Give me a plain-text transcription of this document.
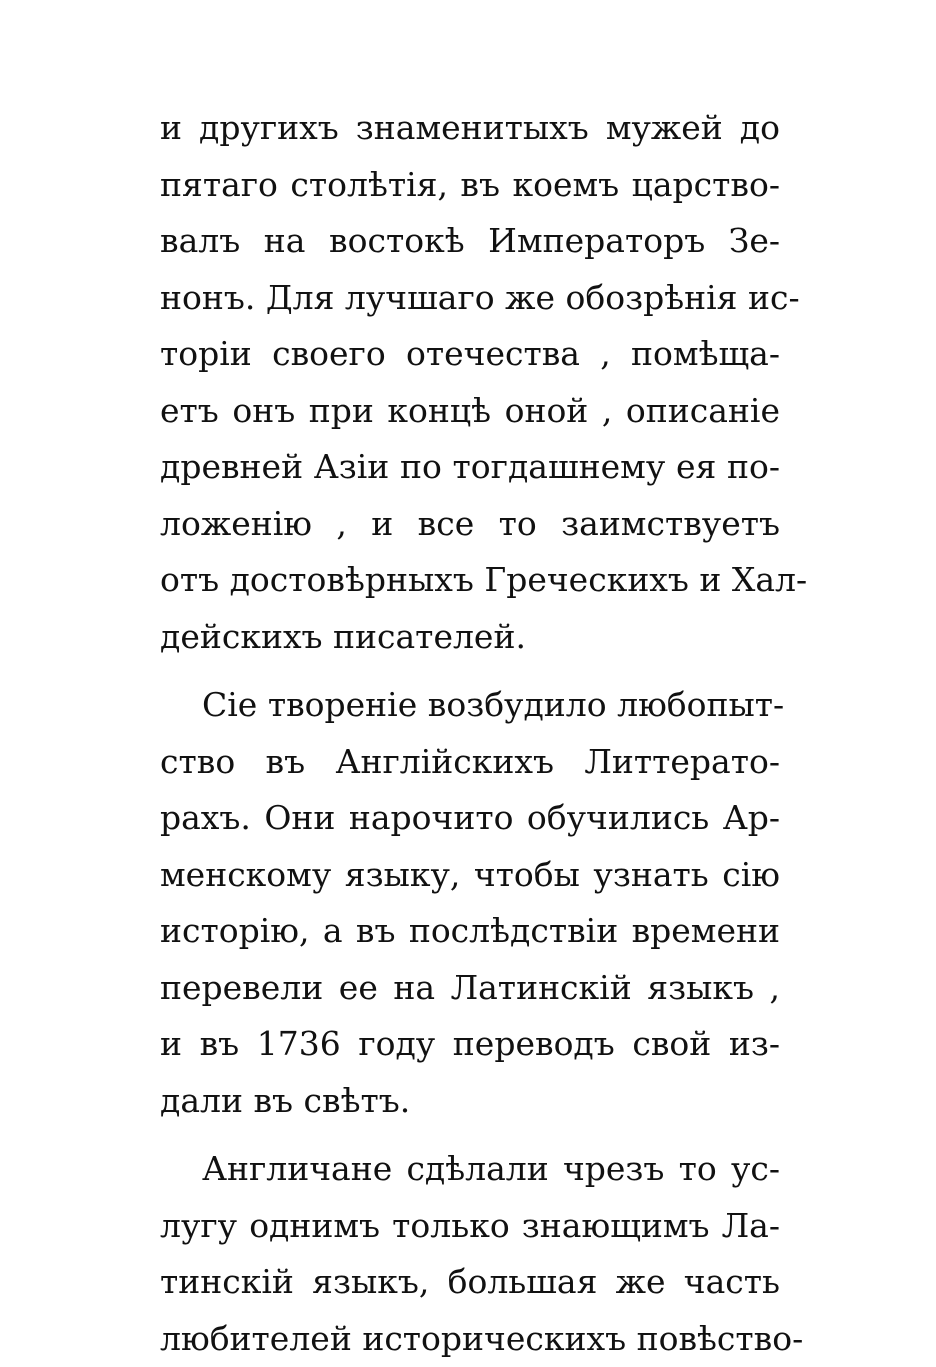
и другихъ знаменитыхъ мужей до
пятаго столѣтія, въ коемъ царство-
валъ на востокѣ Императоръ Зе-
нонъ. Для лучшаго же обозрѣнія ис-
торіи своего отечества , помѣща-
етъ онъ при концѣ оной , описаніе
древней Азіи по тогдашнему ея по-
ложенію , и все то заимствуетъ
отъ достовѣрныхъ Греческихъ и Хал-
дейскихъ писателей.
Сіе твореніе возбудило любопыт-
ство въ Англійскихъ Литтерато-
рахъ. Они нарочито обучились Ар-
менскому языку, чтобы узнать сію
исторію, а въ послѣдствіи времени
перевели ее на Латинскій языкъ ,
и въ 1736 году переводъ свой из-
дали въ свѣтъ.
Англичане сдѣлали чрезъ то ус-
лугу однимъ только знающимъ Ла-
тинскій языкъ, большая же часть
любителей историческихъ повѣство-
